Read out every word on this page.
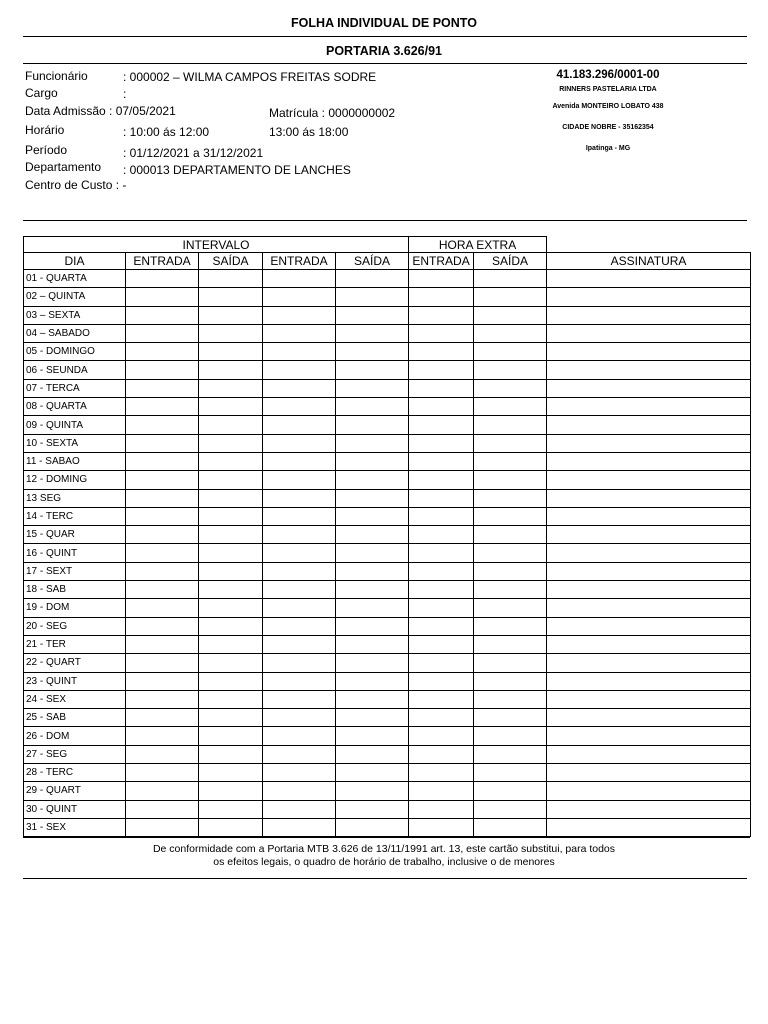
FOLHA INDIVIDUAL DE PONTO
PORTARIA 3.626/91
Funcionário	: 000002 – WILMA CAMPOS FREITAS SODRE
Cargo	:
Data Admissão : 07/05/2021	Matrícula : 0000000002
Horário	: 10:00 ás 12:00	13:00 ás 18:00
Período	: 01/12/2021 a 31/12/2021
Departamento : 000013 DEPARTAMENTO DE LANCHES
Centro de Custo : -
41.183.296/0001-00
RINNERS PASTELARIA LTDA
Avenida MONTEIRO LOBATO 438
CIDADE NOBRE - 35162354
Ipatinga - MG
INTERVALO					HORA EXTRA		
DIA	ENTRADA	SAÍDA	ENTRADA	SAÍDA	ENTRADA	SAÍDA	ASSINATURA
01 - QUARTA							
02 – QUINTA							
03 – SEXTA							
04 – SABADO							
05 - DOMINGO							
06 - SEUNDA							
07 - TERCA							
08 - QUARTA							
09 - QUINTA							
10 - SEXTA							
11 - SABAO							
12 - DOMING							
13 SEG							
14 - TERC							
15 - QUAR							
16 - QUINT							
17 - SEXT							
18 - SAB							
19 - DOM							
20 - SEG							
21 - TER							
22 - QUART							
23 - QUINT							
24 - SEX							
25 - SAB							
26 - DOM							
27 - SEG							
28 - TERC							
29 - QUART							
30 - QUINT							
31 - SEX							
De conformidade com a Portaria MTB 3.626 de 13/11/1991 art. 13, este cartão substitui, para todos
os efeitos legais, o quadro de horário de trabalho, inclusive o de menores
